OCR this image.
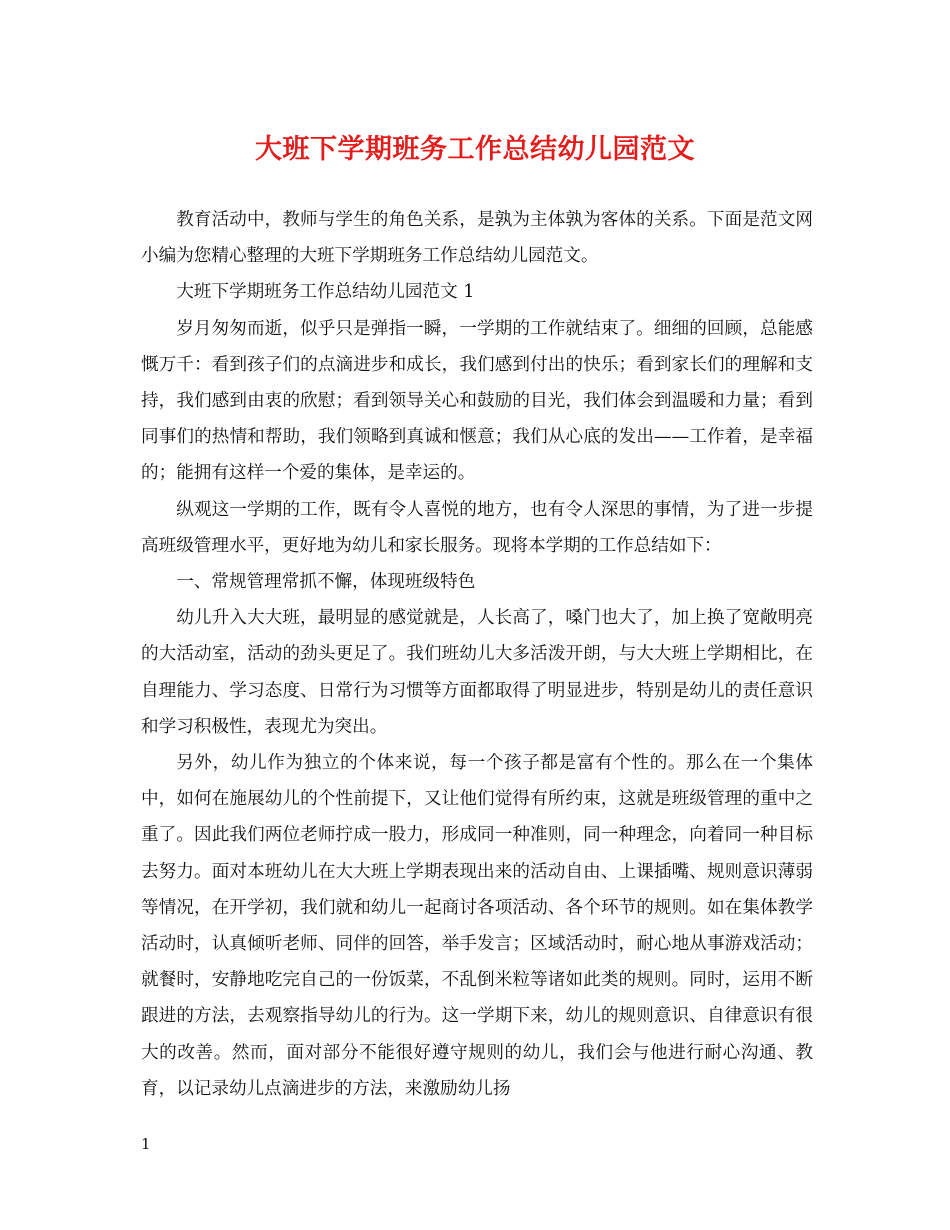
大班下学期班务工作总结幼儿园范文

教育活动中，教师与学生的角色关系，是孰为主体孰为客体的关系。下面是范文网小编为您精心整理的大班下学期班务工作总结幼儿园范文。

大班下学期班务工作总结幼儿园范文 1

岁月匆匆而逝，似乎只是弹指一瞬，一学期的工作就结束了。细细的回顾，总能感慨万千：看到孩子们的点滴进步和成长，我们感到付出的快乐；看到家长们的理解和支持，我们感到由衷的欣慰；看到领导关心和鼓励的目光，我们体会到温暖和力量；看到同事们的热情和帮助，我们领略到真诚和惬意；我们从心底的发出——工作着，是幸福的；能拥有这样一个爱的集体，是幸运的。

纵观这一学期的工作，既有令人喜悦的地方，也有令人深思的事情，为了进一步提高班级管理水平，更好地为幼儿和家长服务。现将本学期的工作总结如下：

一、常规管理常抓不懈，体现班级特色

幼儿升入大大班，最明显的感觉就是，人长高了，嗓门也大了，加上换了宽敞明亮的大活动室，活动的劲头更足了。我们班幼儿大多活泼开朗，与大大班上学期相比，在自理能力、学习态度、日常行为习惯等方面都取得了明显进步，特别是幼儿的责任意识和学习积极性，表现尤为突出。

另外，幼儿作为独立的个体来说，每一个孩子都是富有个性的。那么在一个集体中，如何在施展幼儿的个性前提下，又让他们觉得有所约束，这就是班级管理的重中之重了。因此我们两位老师拧成一股力，形成同一种准则，同一种理念，向着同一种目标去努力。面对本班幼儿在大大班上学期表现出来的活动自由、上课插嘴、规则意识薄弱等情况，在开学初，我们就和幼儿一起商讨各项活动、各个环节的规则。如在集体教学活动时，认真倾听老师、同伴的回答，举手发言；区域活动时，耐心地从事游戏活动；就餐时，安静地吃完自己的一份饭菜，不乱倒米粒等诸如此类的规则。同时，运用不断跟进的方法，去观察指导幼儿的行为。这一学期下来，幼儿的规则意识、自律意识有很大的改善。然而，面对部分不能很好遵守规则的幼儿，我们会与他进行耐心沟通、教育，以记录幼儿点滴进步的方法，来激励幼儿扬

1
